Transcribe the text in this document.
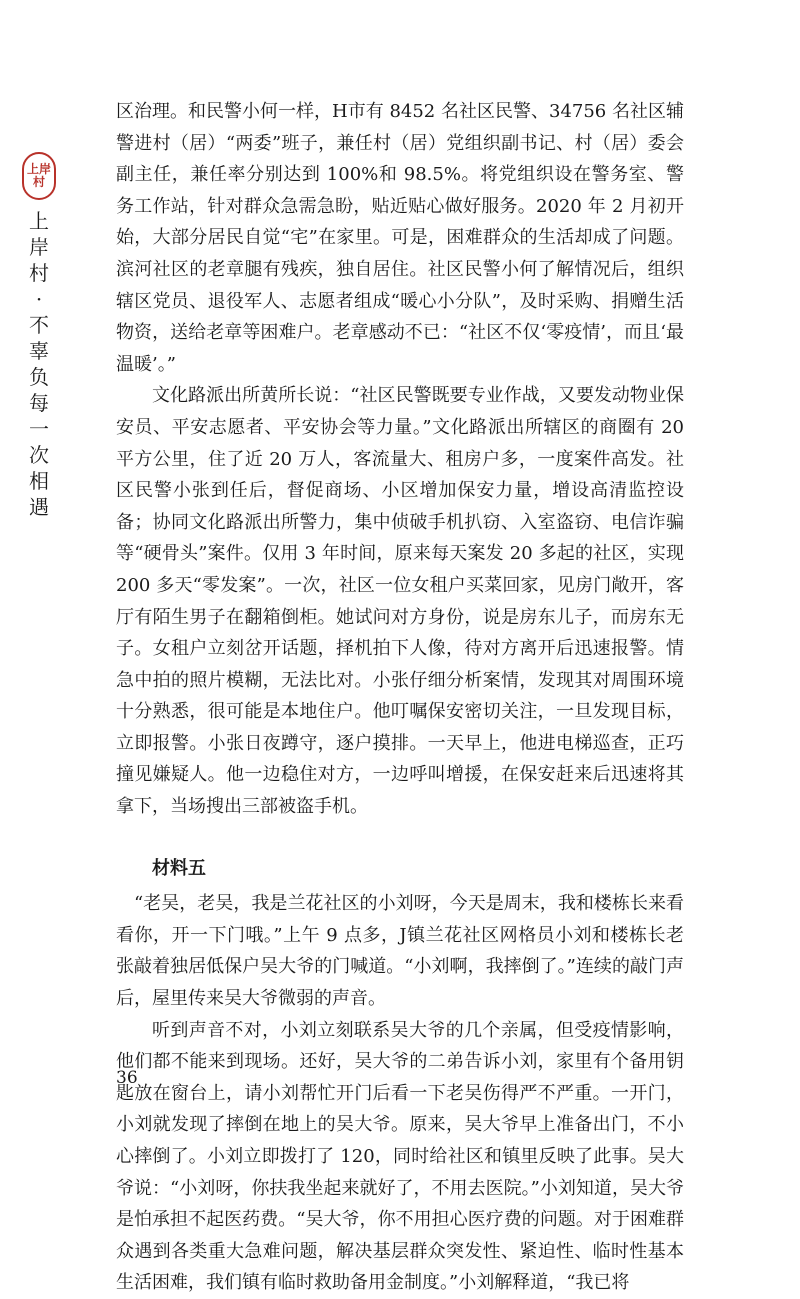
上岸
村
上
岸
村
·
不
辜
负
每
一
次
相
遇

区治理。和民警小何一样，H市有 8452 名社区民警、34756 名社区辅警进村（居）“两委”班子，兼任村（居）党组织副书记、村（居）委会副主任，兼任率分别达到 100%和 98.5%。将党组织设在警务室、警务工作站，针对群众急需急盼，贴近贴心做好服务。2020 年 2 月初开始，大部分居民自觉“宅”在家里。可是，困难群众的生活却成了问题。滨河社区的老章腿有残疾，独自居住。社区民警小何了解情况后，组织辖区党员、退役军人、志愿者组成“暖心小分队”，及时采购、捐赠生活物资，送给老章等困难户。老章感动不已：“社区不仅‘零疫情’，而且‘最温暖’。”

文化路派出所黄所长说：“社区民警既要专业作战，又要发动物业保安员、平安志愿者、平安协会等力量。”文化路派出所辖区的商圈有 20 平方公里，住了近 20 万人，客流量大、租房户多，一度案件高发。社区民警小张到任后，督促商场、小区增加保安力量，增设高清监控设备；协同文化路派出所警力，集中侦破手机扒窃、入室盗窃、电信诈骗等“硬骨头”案件。仅用 3 年时间，原来每天案发 20 多起的社区，实现 200 多天“零发案”。一次，社区一位女租户买菜回家，见房门敞开，客厅有陌生男子在翻箱倒柜。她试问对方身份，说是房东儿子，而房东无子。女租户立刻岔开话题，择机拍下人像，待对方离开后迅速报警。情急中拍的照片模糊，无法比对。小张仔细分析案情，发现其对周围环境十分熟悉，很可能是本地住户。他叮嘱保安密切关注，一旦发现目标，立即报警。小张日夜蹲守，逐户摸排。一天早上，他进电梯巡查，正巧撞见嫌疑人。他一边稳住对方，一边呼叫增援，在保安赶来后迅速将其拿下，当场搜出三部被盗手机。

材料五

“老吴，老吴，我是兰花社区的小刘呀，今天是周末，我和楼栋长来看看你，开一下门哦。”上午 9 点多，J镇兰花社区网格员小刘和楼栋长老张敲着独居低保户吴大爷的门喊道。“小刘啊，我摔倒了。”连续的敲门声后，屋里传来吴大爷微弱的声音。

听到声音不对，小刘立刻联系吴大爷的几个亲属，但受疫情影响，他们都不能来到现场。还好，吴大爷的二弟告诉小刘，家里有个备用钥匙放在窗台上，请小刘帮忙开门后看一下老吴伤得严不严重。一开门，小刘就发现了摔倒在地上的吴大爷。原来，吴大爷早上准备出门，不小心摔倒了。小刘立即拨打了 120，同时给社区和镇里反映了此事。吴大爷说：“小刘呀，你扶我坐起来就好了，不用去医院。”小刘知道，吴大爷是怕承担不起医药费。“吴大爷，你不用担心医疗费的问题。对于困难群众遇到各类重大急难问题，解决基层群众突发性、紧迫性、临时性基本生活困难，我们镇有临时救助备用金制度。”小刘解释道，“我已将

36
